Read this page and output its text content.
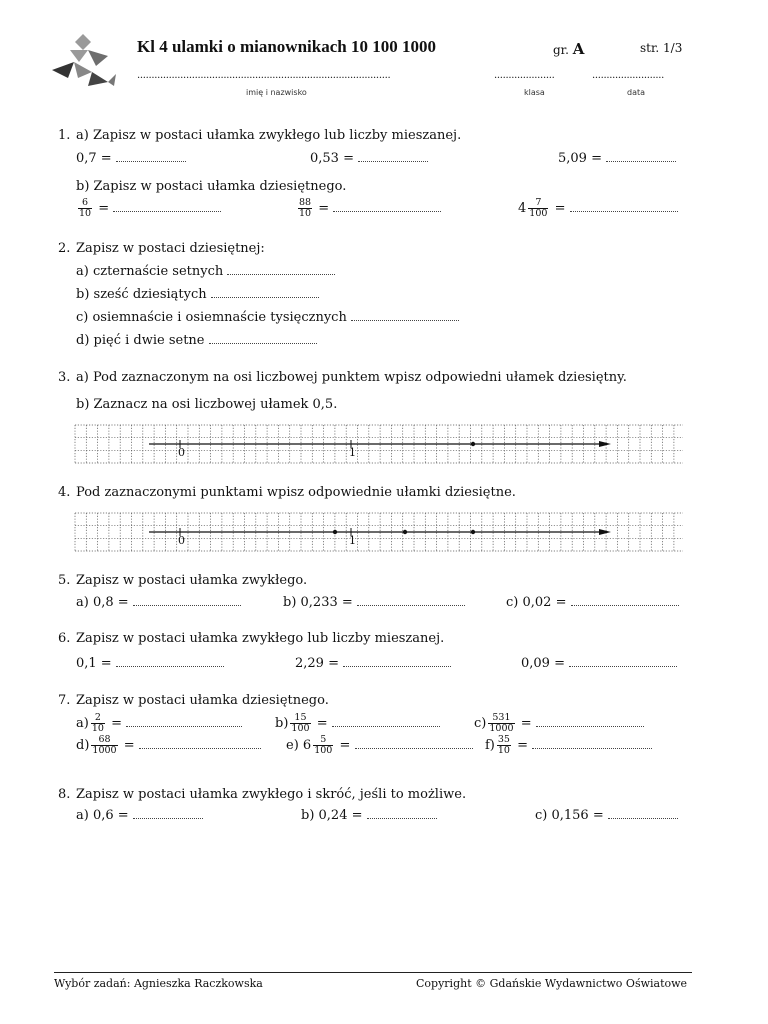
Kl 4 ulamki o mianownikach 10 100 1000	gr. A	str. 1/3
........................................................................................	.....................	.........................
imię i nazwisko	klasa	data
1. a) Zapisz w postaci ułamka zwykłego lub liczby mieszanej.
0,7 =	0,53 =	5,09 =
b) Zapisz w postaci ułamka dziesiętnego.
$\frac{6}{10}$ =	$\frac{88}{10}$ =	$4 \frac{7}{100}$ =
2. Zapisz w postaci dziesiętnej:
a) czternaście setnych
b) sześć dziesiątych
c) osiemnaście i osiemnaście tysięcznych
d) pięć i dwie setne
3. a) Pod zaznaczonym na osi liczbowej punktem wpisz odpowiedni ułamek dziesiętny.
b) Zaznacz na osi liczbowej ułamek 0,5.
0	1
4. Pod zaznaczonymi punktami wpisz odpowiednie ułamki dziesiętne.
0	1
5. Zapisz w postaci ułamka zwykłego.
a) 0,8 =	b) 0,233 =	c) 0,02 =
6. Zapisz w postaci ułamka zwykłego lub liczby mieszanej.
0,1 =	2,29 =	0,09 =
7. Zapisz w postaci ułamka dziesiętnego.
$a) \frac{2}{10}$ =	$b) \frac{15}{100}$ =	$c) \frac{531}{1000}$ =
$d) \frac{68}{1000}$ =	e) $6 \frac{5}{100}$ =	$f) \frac{35}{10}$ =
8. Zapisz w postaci ułamka zwykłego i skróć, jeśli to możliwe.
a) 0,6 =	b) 0,24 =	c) 0,156 =
Wybór zadań: Agnieszka Raczkowska	Copyright © Gdańskie Wydawnictwo Oświatowe
